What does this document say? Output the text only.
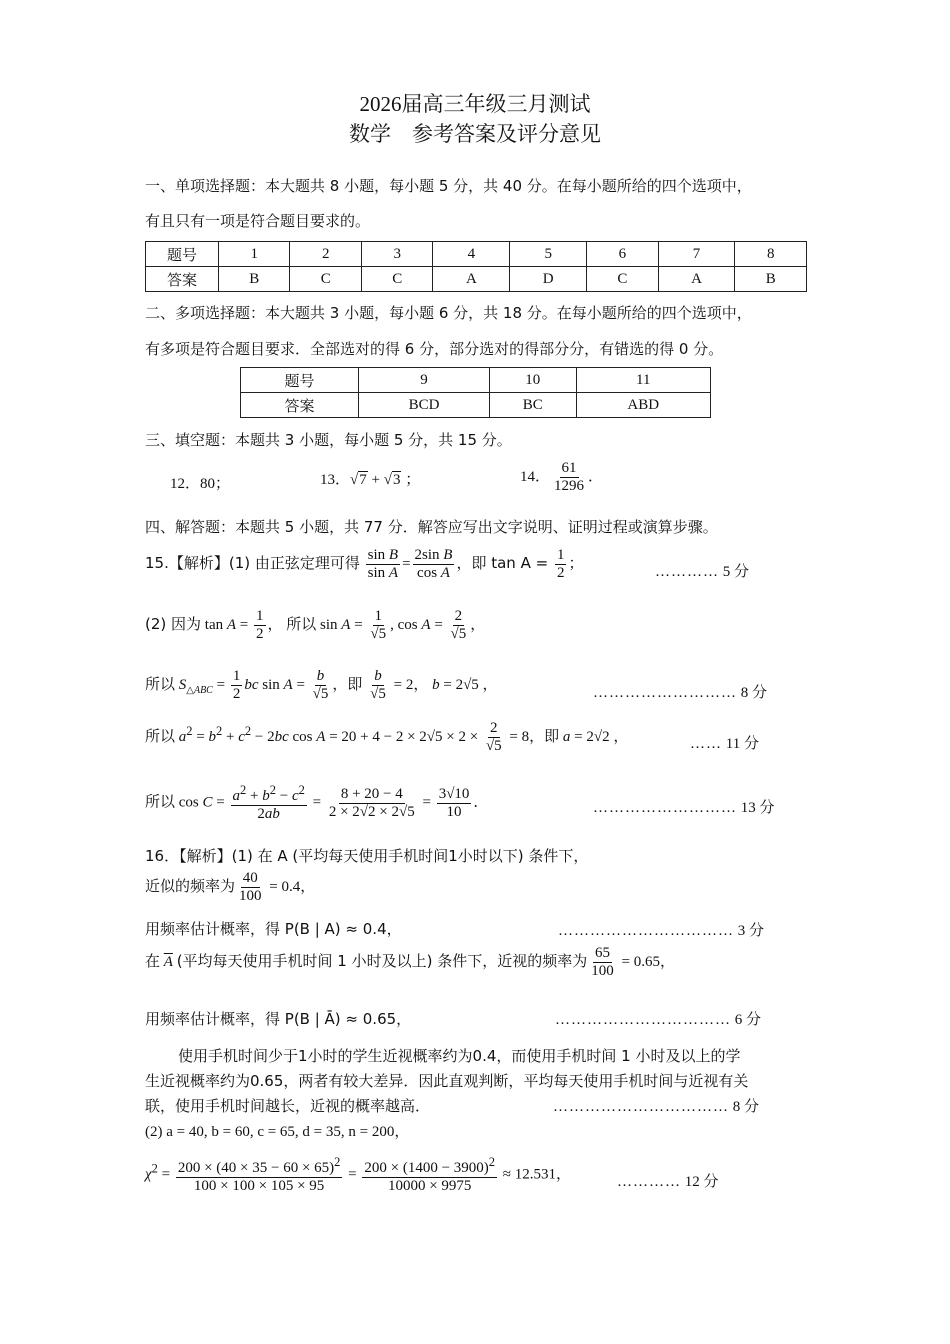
2026届高三年级三月测试
数学　参考答案及评分意见
一、单项选择题：本大题共 8 小题，每小题 5 分，共 40 分。在每小题所给的四个选项中，
有且只有一项是符合题目要求的。
题号	1	2	3	4	5	6	7	8
答案	B	C	C	A	D	C	A	B
二、多项选择题：本大题共 3 小题，每小题 6 分，共 18 分。在每小题所给的四个选项中，
有多项是符合题目要求．全部选对的得 6 分，部分选对的得部分分，有错选的得 0 分。
题号	9	10	11
答案	BCD	BC	ABD
三、填空题：本题共 3 小题，每小题 5 分，共 15 分。
12．80；	13．√7 + √3 ；	14． $\frac{61}{1296}$ ．
四、解答题：本题共 5 小题，共 77 分．解答应写出文字说明、证明过程或演算步骤。
15.【解析】(1) 由正弦定理可得 $\frac{\text{sin B}}{\text{sin A}} = \frac{\text{2sin B}}{\text{cos A}}$ ，即 $\tan A = \frac{1}{2}$ ；	………… 5 分
(2) 因为 $\tan A = \frac{1}{2}$ ， 所以 $\sin A = \frac{1}{√5}$ , $\cos A = \frac{2}{√5}$ ，
所以 $S_{\triangle ABC} = \frac{1}{2}$ bc $\sin A = \frac{b}{√5}$ ，即 $\frac{b}{√5} = 2$， b = 2√5 ，	……………………… 8 分
所以 $a^2 = b^2 + c^2 - 2bc$ $\cos A = 20 + 4 - 2 \times 2√5 \times 2 \times \frac{2}{√5} = 8$，即 a = 2√2 ，	…… 11 分
所以 $\cos C = \frac{a^2 + b^2 - c^2}{2ab} = \frac{8 + 20 - 4}{2 \times 2√2 \times 2√5} = \frac{3√10}{10}$ ．	……………………… 13 分
16．【解析】(1) 在 A (平均每天使用手机时间1小时以下) 条件下，
近似的频率为 $\frac{40}{100} = 0.4$，
用频率估计概率，得 P(B | A) ≈ 0.4，	…………………………… 3 分
在 $\overline{A}$ (平均每天使用手机时间 1 小时及以上) 条件下，近视的频率为 $\frac{65}{100} = 0.65$，
用频率估计概率，得 P(B | Ā) ≈ 0.65，	…………………………… 6 分
使用手机时间少于1小时的学生近视概率约为0.4，而使用手机时间 1 小时及以上的学
生近视概率约为0.65，两者有较大差异．因此直观判断，平均每天使用手机时间与近视有关
联，使用手机时间越长，近视的概率越高．	…………………………… 8 分
(2) a = 40, b = 60, c = 65, d = 35, n = 200，
$\chi^2 = \frac{200 \times (40 \times 35 - 60 \times 65)^2}{100 \times 100 \times 105 \times 95} = \frac{200 \times (1400 - 3900)^2}{10000 \times 9975} \approx 12.531$，	………… 12 分
